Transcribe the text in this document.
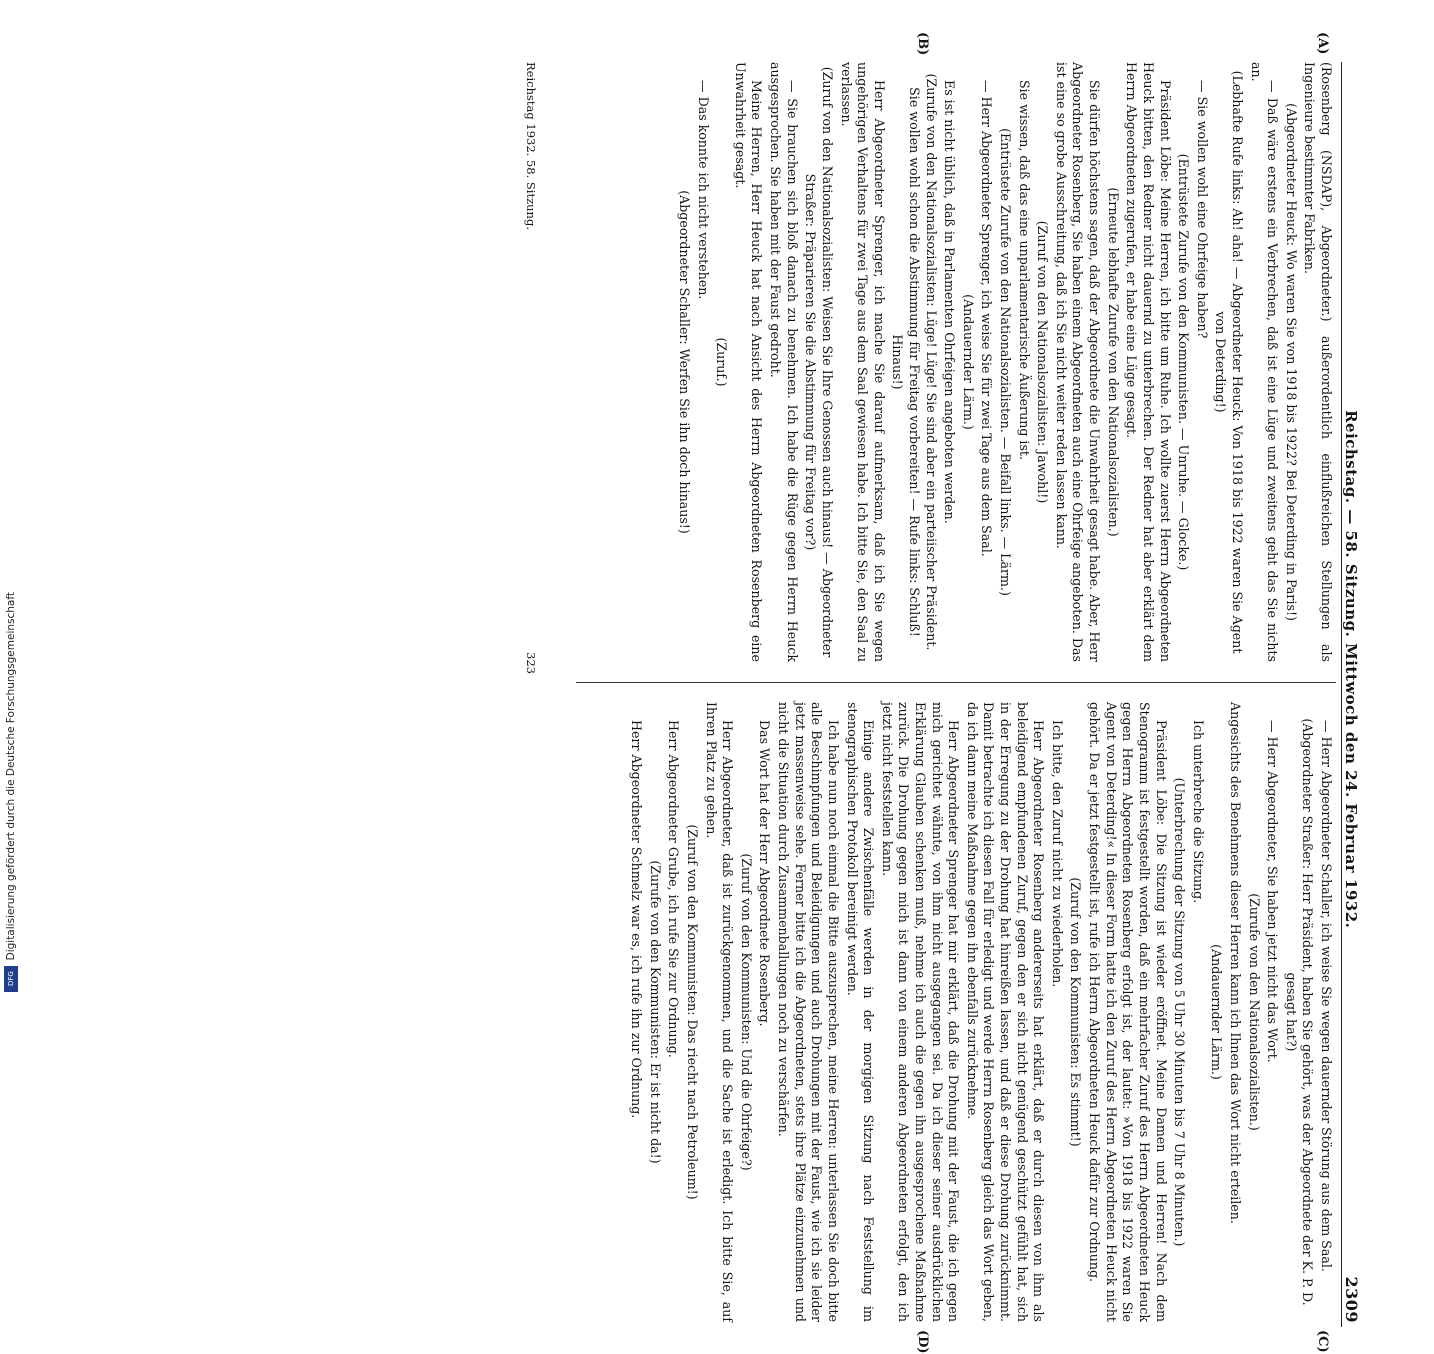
Digitalisierung gefördert durch die Deutsche Forschungsgemeinschaft
DFG
Reichstag. — 58. Sitzung. Mittwoch den 24. Februar 1932.
2309
(A)
(B)
(C)
(D)

(Rosenberg (NSDAP), Abgeordneter.) außerordentlich einflußreichen Stellungen als Ingenieure bestimmter Fabriken.

(Abgeordneter Heuck: Wo waren Sie von 1918 bis 1922? Bei Deterding in Paris!)

— Daß wäre erstens ein Verbrechen, daß ist eine Lüge und zweitens geht das Sie nichts an.

(Lebhafte Rufe links: Ah! aha! — Abgeordneter Heuck: Von 1918 bis 1922 waren Sie Agent von Deterding!)

— Sie wollen wohl eine Ohrfeige haben?

(Entrüstete Zurufe von den Kommunisten. — Unruhe. — Glocke.)

Präsident Löbe: Meine Herren, ich bitte um Ruhe. Ich wollte zuerst Herrn Abgeordneten Heuck bitten, den Redner nicht dauernd zu unterbrechen. Der Redner hat aber erklärt dem Herrn Abgeordneten zugerufen, er habe eine Lüge gesagt.

(Erneute lebhafte Zurufe von den Nationalsozialisten.)

Sie dürfen höchstens sagen, daß der Abgeordnete die Unwahrheit gesagt habe. Aber, Herr Abgeordneter Rosenberg, Sie haben einem Abgeordneten auch eine Ohrfeige angeboten. Das ist eine so grobe Ausschreitung, daß ich Sie nicht weiter reden lassen kann.

(Zuruf von den Nationalsozialisten: Jawohl!)

Sie wissen, daß das eine unparlamentarische Äußerung ist.

(Entrüstete Zurufe von den Nationalsozialisten. — Beifall links. — Lärm.)

— Herr Abgeordneter Sprenger, ich weise Sie für zwei Tage aus dem Saal.

(Andauernder Lärm.)

Es ist nicht üblich, daß in Parlamenten Ohrfeigen angeboten werden.

(Zurufe von den Nationalsozialisten: Lüge! Lüge! Sie sind aber ein parteiischer Präsident. Sie wollen wohl schon die Abstimmung für Freitag vorbereiten! — Rufe links: Schluß! Hinaus!)

Herr Abgeordneter Sprenger, ich mache Sie darauf aufmerksam, daß ich Sie wegen ungehörigen Verhaltens für zwei Tage aus dem Saal gewiesen habe. Ich bitte Sie, den Saal zu verlassen.

(Zuruf von den Nationalsozialisten: Weisen Sie Ihre Genossen auch hinaus! — Abgeordneter Straßer: Präparieren Sie die Abstimmung für Freitag vor?)

— Sie brauchen sich bloß danach zu benehmen. Ich habe die Rüge gegen Herrn Heuck ausgesprochen. Sie haben mit der Faust gedroht.

Meine Herren, Herr Heuck hat nach Ansicht des Herrn Abgeordneten Rosenberg eine Unwahrheit gesagt.

(Zuruf.)

— Das konnte ich nicht verstehen.

(Abgeordneter Schaller: Werfen Sie ihn doch hinaus!)

— Herr Abgeordneter Schaller, ich weise Sie wegen dauernder Störung aus dem Saal.

(Abgeordneter Straßer: Herr Präsident, haben Sie gehört, was der Abgeordnete der K. P. D. gesagt hat?)

— Herr Abgeordneter, Sie haben jetzt nicht das Wort.

(Zurufe von den Nationalsozialisten.)

Angesichts des Benehmens dieser Herren kann ich Ihnen das Wort nicht erteilen.

(Andauernder Lärm.)

Ich unterbreche die Sitzung.

(Unterbrechung der Sitzung von 5 Uhr 30 Minuten bis 7 Uhr 8 Minuten.)

Präsident Löbe: Die Sitzung ist wieder eröffnet. Meine Damen und Herren! Nach dem Stenogramm ist festgestellt worden, daß ein mehrfacher Zuruf des Herrn Abgeordneten Heuck gegen Herrn Abgeordneten Rosenberg erfolgt ist, der lautet: »Von 1918 bis 1922 waren Sie Agent von Deterding!« In dieser Form hatte ich den Zuruf des Herrn Abgeordneten Heuck nicht gehört. Da er jetzt festgestellt ist, rufe ich Herrn Abgeordneten Heuck dafür zur Ordnung.

(Zuruf von den Kommunisten: Es stimmt!)

Ich bitte, den Zuruf nicht zu wiederholen.

Herr Abgeordneter Rosenberg andererseits hat erklärt, daß er durch diesen von ihm als beleidigend empfundenen Zuruf, gegen den er sich nicht genügend geschützt gefühlt hat, sich in der Erregung zu der Drohung hat hinreißen lassen, und daß er diese Drohung zurücknimmt. Damit betrachte ich diesen Fall für erledigt und werde Herrn Rosenberg gleich das Wort geben, da ich dann meine Maßnahme gegen ihn ebenfalls zurücknehme.

Herr Abgeordneter Sprenger hat mir erklärt, daß die Drohung mit der Faust, die ich gegen mich gerichtet wähnte, von ihm nicht ausgegangen sei. Da ich dieser seiner ausdrücklichen Erklärung Glauben schenken muß, nehme ich auch die gegen ihn ausgesprochene Maßnahme zurück. Die Drohung gegen mich ist dann von einem anderen Abgeordneten erfolgt, den ich jetzt nicht feststellen kann.

Einige andere Zwischenfälle werden in der morgigen Sitzung nach Feststellung im stenographischen Protokoll bereinigt werden.

Ich habe nun noch einmal die Bitte auszusprechen, meine Herren: unterlassen Sie doch bitte alle Beschimpfungen und Beleidigungen und auch Drohungen mit der Faust, wie ich sie leider jetzt massenweise sehe. Ferner bitte ich die Abgeordneten, stets ihre Plätze einzunehmen und nicht die Situation durch Zusammenballungen noch zu verschärfen.

Das Wort hat der Herr Abgeordnete Rosenberg.

(Zuruf von den Kommunisten: Und die Ohrfeige?)

Herr Abgeordneter, daß ist zurückgenommen, und die Sache ist erledigt. Ich bitte Sie, auf Ihren Platz zu gehen.

(Zuruf von den Kommunisten: Das riecht nach Petroleum!)

Herr Abgeordneter Grube, ich rufe Sie zur Ordnung.

(Zurufe von den Kommunisten: Er ist nicht da!)

Herr Abgeordneter Schmelz war es, ich rufe ihn zur Ordnung.

Reichstag 1932. 58. Sitzung.
323
